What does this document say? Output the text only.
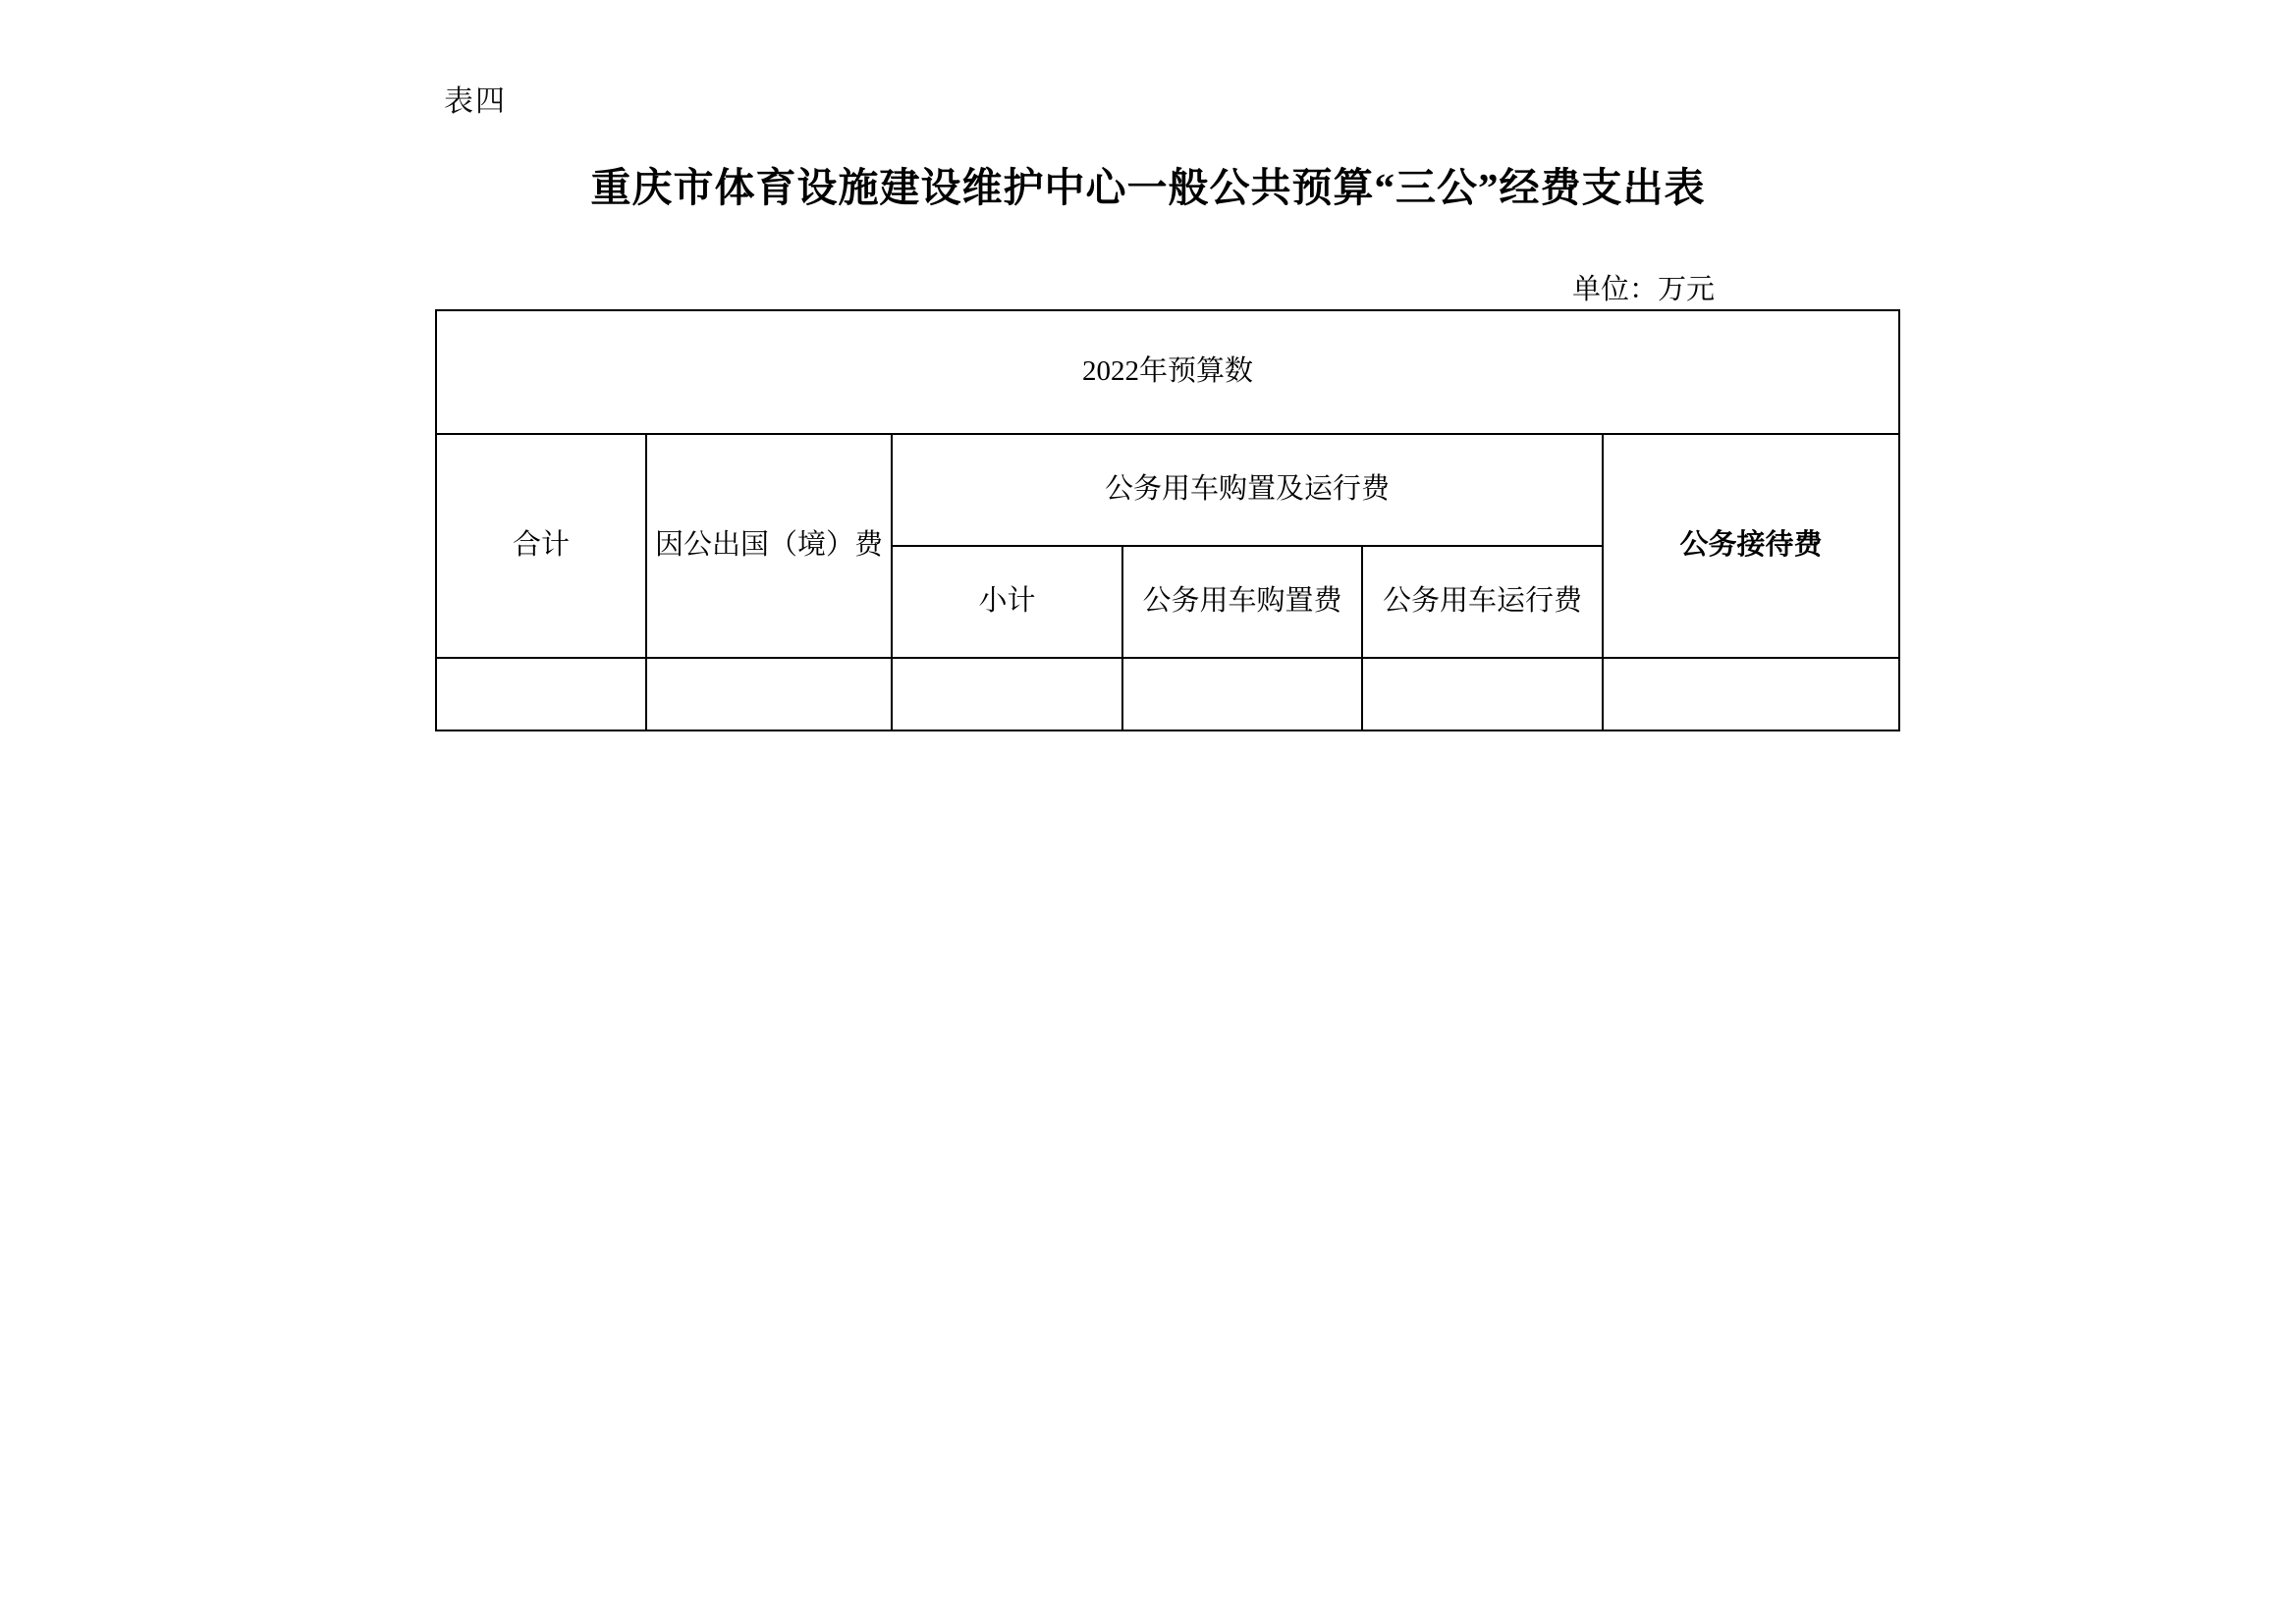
表四
重庆市体育设施建设维护中心一般公共预算“三公”经费支出表
单位：万元
2022年预算数					
合计	因公出国（境）费	公务用车购置及运行费			公务接待费
		小计	公务用车购置费	公务用车运行费	
